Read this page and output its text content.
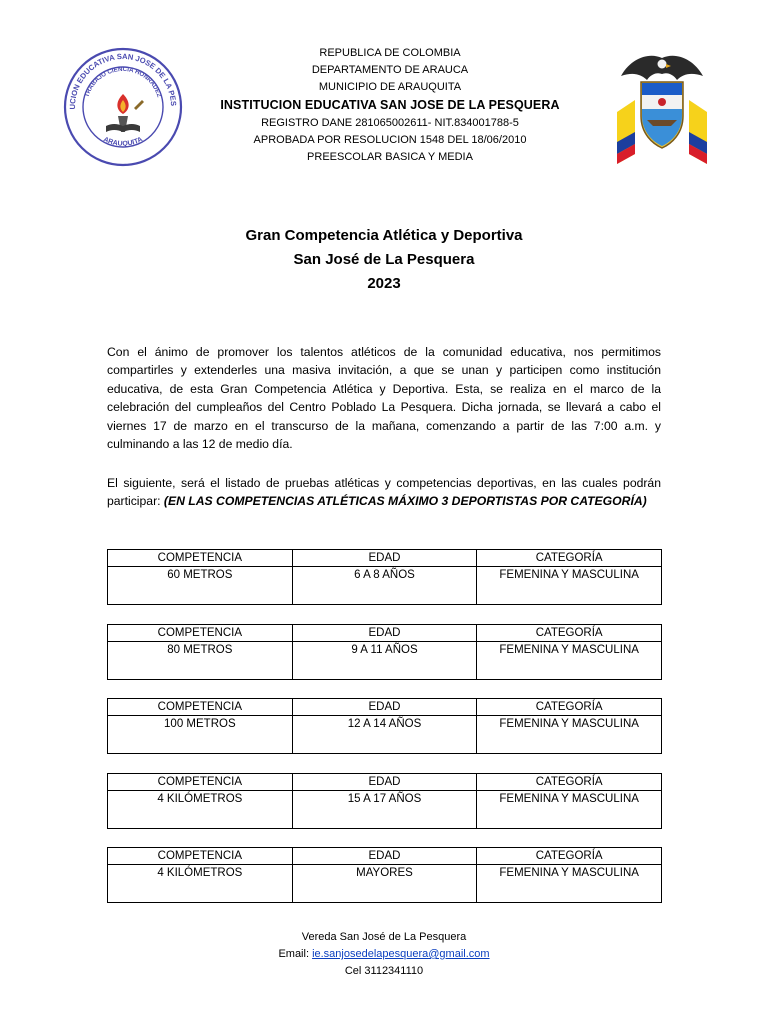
UCION EDUCATIVA SAN JOSE DE LA PES
TRABAJO CIENCIA HONRADEZ
ARAUQUITA
REPUBLICA DE COLOMBIA
DEPARTAMENTO DE ARAUCA
MUNICIPIO DE ARAUQUITA
INSTITUCION EDUCATIVA SAN JOSE DE LA PESQUERA
REGISTRO DANE 281065002611- NIT.834001788-5
APROBADA POR RESOLUCION 1548 DEL 18/06/2010
PREESCOLAR BASICA Y MEDIA
Gran Competencia Atlética y Deportiva
San José de La Pesquera
2023
Con el ánimo de promover los talentos atléticos de la comunidad educativa, nos permitimos compartirles y extenderles una masiva invitación, a que se unan y participen como institución educativa, de esta Gran Competencia Atlética y Deportiva. Esta, se realiza en el marco de la celebración del cumpleaños del Centro Poblado La Pesquera. Dicha jornada, se llevará a cabo el viernes 17 de marzo en el transcurso de la mañana, comenzando a partir de las 7:00 a.m. y culminando a las 12 de medio día.
El siguiente, será el listado de pruebas atléticas y competencias deportivas, en las cuales podrán participar: (EN LAS COMPETENCIAS ATLÉTICAS MÁXIMO 3 DEPORTISTAS POR CATEGORÍA)
COMPETENCIA	EDAD	CATEGORÍA
60 METROS	6 A 8 AÑOS	FEMENINA Y MASCULINA
COMPETENCIA	EDAD	CATEGORÍA
80 METROS	9 A 11 AÑOS	FEMENINA Y MASCULINA
COMPETENCIA	EDAD	CATEGORÍA
100 METROS	12 A 14 AÑOS	FEMENINA Y MASCULINA
COMPETENCIA	EDAD	CATEGORÍA
4 KILÓMETROS	15 A 17 AÑOS	FEMENINA Y MASCULINA
COMPETENCIA	EDAD	CATEGORÍA
4 KILÓMETROS	MAYORES	FEMENINA Y MASCULINA
Vereda San José de La Pesquera
Email: ie.sanjosedelapesquera@gmail.com
Cel 3112341110
